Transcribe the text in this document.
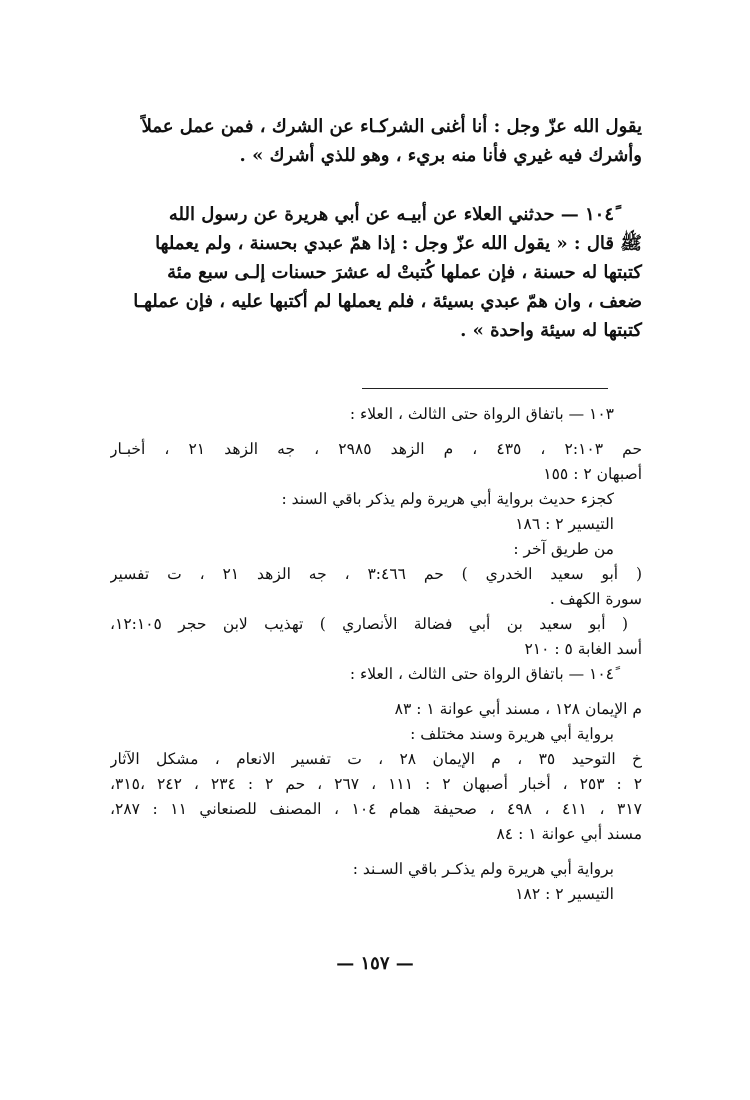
يقول الله عزّ وجل : أنا أغنى الشركـاء عن الشرك ، فمن عمل عملاً

وأشرك فيه غيري فأنا منه بريء ، وهو للذي أشرك » .

١٠٤ً — حدثني العلاء عن أبيـه عن أبي هريرة عن رسول الله

ﷺ قال : « يقول الله عزّ وجل : إذا همّ عبدي بحسنة ، ولم يعملها

كتبتها له حسنة ، فإن عملها كُتبتْ له عشرَ حسنات إلـى سبع مئة

ضعف ، وان همّ عبدي بسيئة ، فلم يعملها لم أكتبها عليه ، فإن عملهـا

كتبتها له سيئة واحدة » .

١٠٣ — باتفاق الرواة حتى الثالث ، العلاء :

حم ٢:١٠٣ ، ٤٣٥ ، م الزهد ٢٩٨٥ ، جه الزهد ٢١ ، أخبـار

أصبهان ٢ : ١٥٥

كجزء حديث برواية أبي هريرة ولم يذكر باقي السند :

التيسير ٢ : ١٨٦

من طريق آخر :

( أبو سعيد الخدري ) حم ٣:٤٦٦ ، جه الزهد ٢١ ، ت تفسير

سورة الكهف .

( أبو سعيد بن أبي فضالة الأنصاري ) تهذيب لابن حجر ١٢:١٠٥،

أسد الغابة ٥ : ٢١٠

١٠٤ً — باتفاق الرواة حتى الثالث ، العلاء :

م الإيمان ١٢٨ ، مسند أبي عوانة ١ : ٨٣

برواية أبي هريرة وسند مختلف :

خ التوحيد ٣٥ ، م الإيمان ٢٨ ، ت تفسير الانعام ، مشكل الآثار

٢ : ٢٥٣ ، أخبار أصبهان ٢ : ١١١ ، ٢٦٧ ، حم ٢ : ٢٣٤ ، ٢٤٢ ،٣١٥،

٣١٧ ، ٤١١ ، ٤٩٨ ، صحيفة همام ١٠٤ ، المصنف للصنعاني ١١ : ٢٨٧،

مسند أبي عوانة ١ : ٨٤

برواية أبي هريرة ولم يذكـر باقي السـند :

التيسير ٢ : ١٨٢

— ١٥٧ —
